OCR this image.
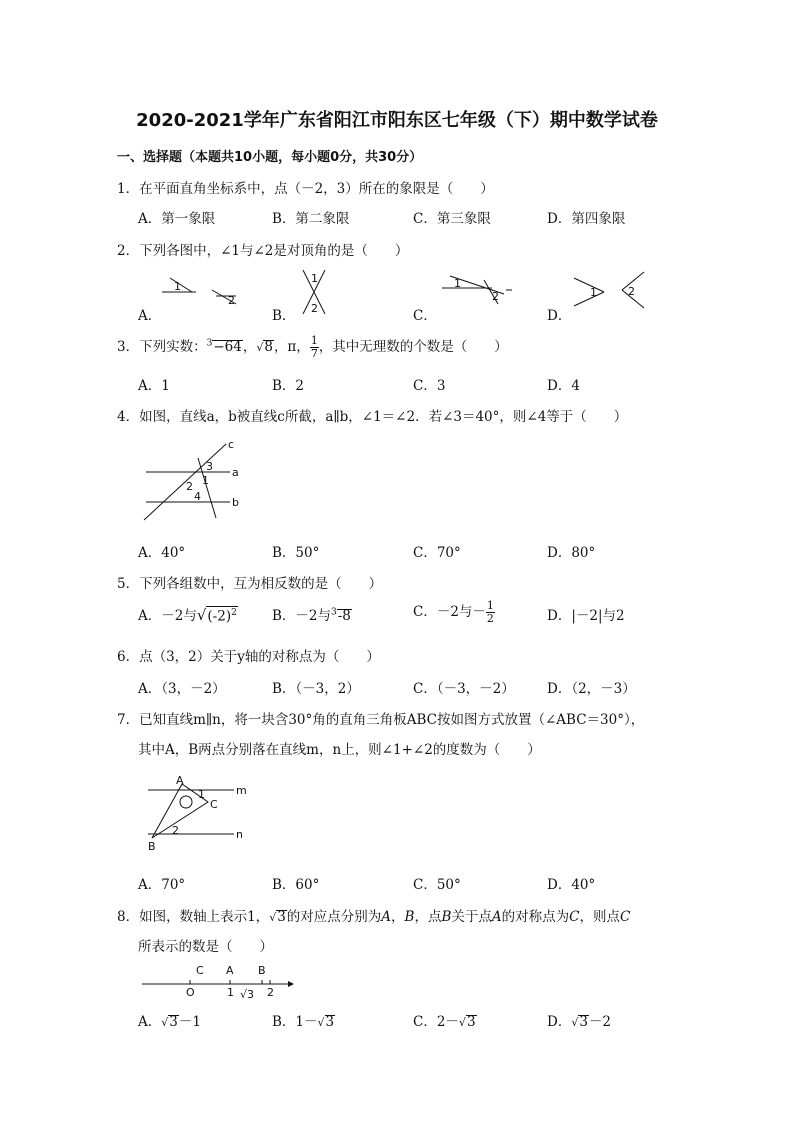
2020-2021学年广东省阳江市阳东区七年级（下）期中数学试卷
一、选择题（本题共10小题，每小题0分，共30分）
1．在平面直角坐标系中，点（－2，3）所在的象限是（　　）
A．第一象限	B．第二象限	C．第三象限	D．第四象限
2．下列各图中，∠1与∠2是对顶角的是（　　）
A．	B．	C．	D．
1
2
1
2
1
2	1	2
3．下列实数：$^3$−64，√8，π， $\frac{1}{7}$ ，其中无理数的个数是（　　）
A．1	B．2	C．3	D．4
4．如图，直线a，b被直线c所截，a∥b，∠1＝∠2．若∠3＝40°，则∠4等于（　　）
c
a
b
3
1
2
4
A．40°	B．50°	C．70°	D．80°
5．下列各组数中，互为相反数的是（　　）
A．－2与$√(-2)^2$	B．－2与$^3$-8	C．－2与－ $\frac{1}{2}$	D．|－2|与2
6．点（3，2）关于y轴的对称点为（　　）
A．（3，－2）	B．（－3，2）	C．（－3，－2） D．（2，－3）
7．已知直线m∥n，将一块含30°角的直角三角板ABC按如图方式放置（∠ABC＝30°），
其中A，B两点分别落在直线m，n上，则∠1+∠2的度数为（　　）
A
C
B
1
2
m
n
A．70°	B．60°	C．50°	D．40°
8．如图，数轴上表示1，√3的对应点分别为A，B，点B关于点A的对称点为C，则点C
所表示的数是（　　）
C A B
O	1 √3 2
A．√3－1	B．1－√3	C．2－√3	D．√3－2
